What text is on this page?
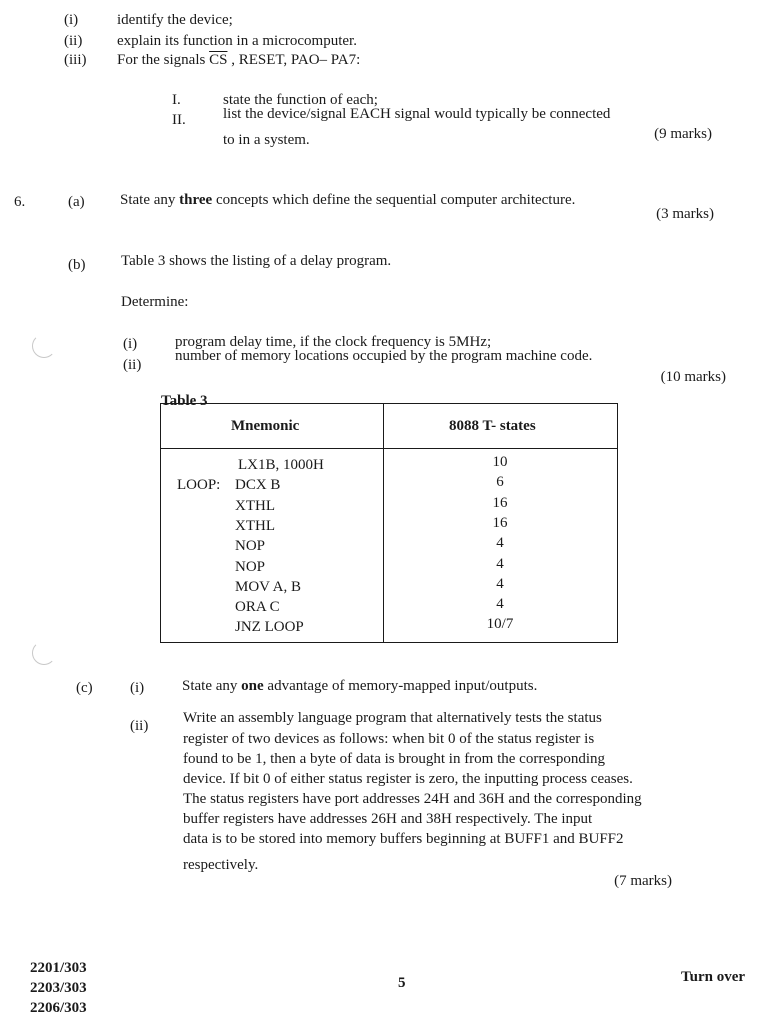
(i)	identify the device;
(ii) explain its function in a microcomputer.
(iii) For the signals $\overline{CS}$ , RESET, PAO– PA7:
I.	state the function of each;
II. list the device/signal EACH signal would typically be connected
to in a system.	(9 marks)
6.	(a) State any three concepts which define the sequential computer architecture.
(3 marks)
(b) Table 3 shows the listing of a delay program.
Determine:
(i)	program delay time, if the clock frequency is 5MHz;
(ii)
number of memory locations occupied by the program machine code.
(10 marks)
Table 3
Mnemonic	8088 T- states
LX1B, 1000H	10
LOOP: DCX B	6
XTHL	16
XTHL	16
NOP	4
NOP	4
MOV A, B	4
ORA C	4
JNZ LOOP	10/7
(c) (i)	State any one advantage of memory-mapped input/outputs.
(ii) Write an assembly language program that alternatively tests the status
register of two devices as follows: when bit 0 of the status register is
found to be 1, then a byte of data is brought in from the corresponding
device. If bit 0 of either status register is zero, the inputting process ceases.
The status registers have port addresses 24H and 36H and the corresponding
buffer registers have addresses 26H and 38H respectively. The input
data is to be stored into memory buffers beginning at BUFF1 and BUFF2
respectively.
(7 marks)
2201/303
2203/303
2206/303
5	Turn over
